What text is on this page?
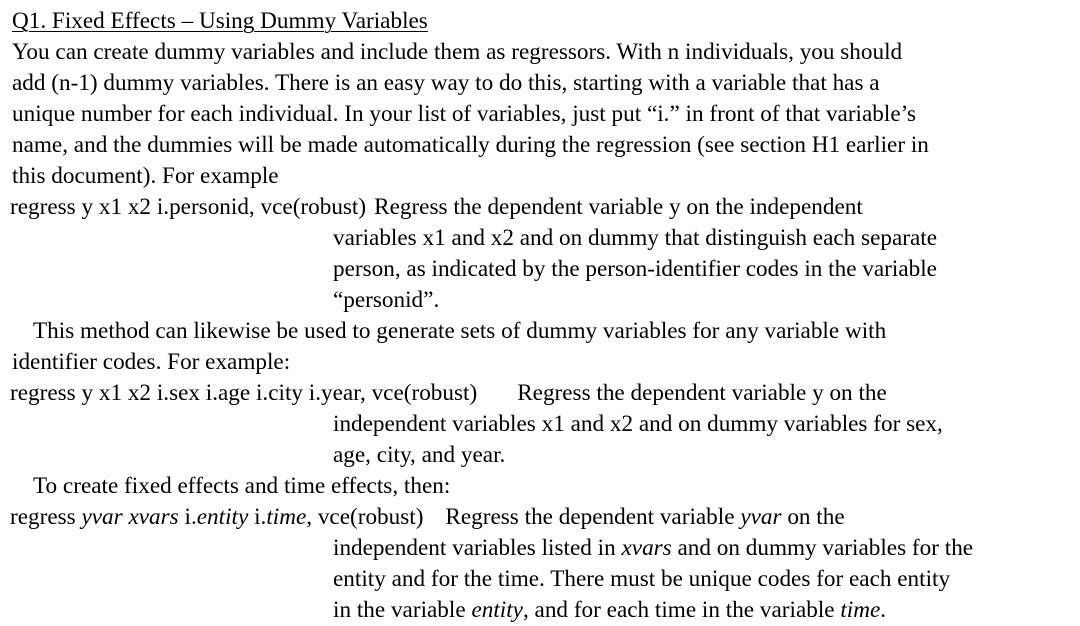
Q1. Fixed Effects – Using Dummy Variables
You can create dummy variables and include them as regressors. With n individuals, you should
add (n-1) dummy variables. There is an easy way to do this, starting with a variable that has a
unique number for each individual. In your list of variables, just put “i.” in front of that variable’s
name, and the dummies will be made automatically during the regression (see section H1 earlier in
this document). For example
regress y x1 x2 i.personid, vce(robust) Regress the dependent variable y on the independent
variables x1 and x2 and on dummy that distinguish each separate
person, as indicated by the person-identifier codes in the variable
“personid”.
This method can likewise be used to generate sets of dummy variables for any variable with
identifier codes. For example:
regress y x1 x2 i.sex i.age i.city i.year, vce(robust) Regress the dependent variable y on the
independent variables x1 and x2 and on dummy variables for sex,
age, city, and year.
To create fixed effects and time effects, then:
regress yvar xvars i.entity i.time, vce(robust) Regress the dependent variable yvar on the
independent variables listed in xvars and on dummy variables for the
entity and for the time. There must be unique codes for each entity
in the variable entity, and for each time in the variable time.
